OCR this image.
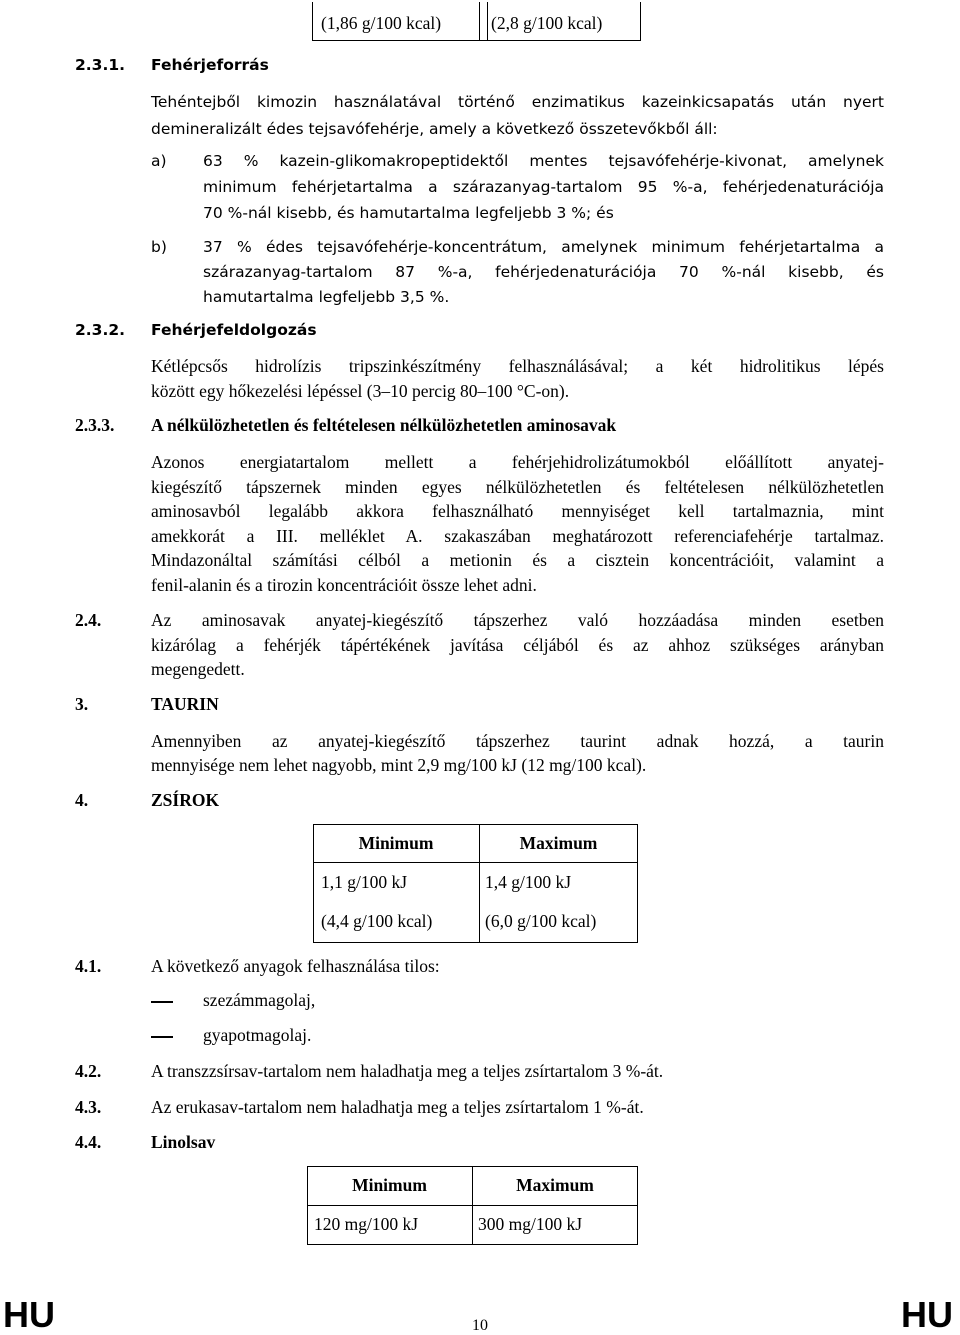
(1,86 g/100 kcal)	(2,8 g/100 kcal)
2.3.1. Fehérjeforrás
Tehéntejből kimozin használatával történő enzimatikus kazeinkicsapatás után nyert
demineralizált édes tejsavófehérje, amely a következő összetevőkből áll:
a) 63 % kazein-glikomakropeptidektől mentes tejsavófehérje-kivonat, amelynek
minimum fehérjetartalma a szárazanyag-tartalom 95 %-a, fehérjedenaturációja
70 %-nál kisebb, és hamutartalma legfeljebb 3 %; és
b) 37 % édes tejsavófehérje-koncentrátum, amelynek minimum fehérjetartalma a
szárazanyag-tartalom 87 %-a, fehérjedenaturációja 70 %-nál kisebb, és
hamutartalma legfeljebb 3,5 %.
2.3.2. Fehérjefeldolgozás
Kétlépcsős hidrolízis tripszinkészítmény felhasználásával; a két hidrolitikus lépés
között egy hőkezelési lépéssel (3–10 percig 80–100 °C-on).
2.3.3. A nélkülözhetetlen és feltételesen nélkülözhetetlen aminosavak
Azonos energiatartalom mellett a fehérjehidrolizátumokból előállított anyatej-
kiegészítő tápszernek minden egyes nélkülözhetetlen és feltételesen nélkülözhetetlen
aminosavból legalább akkora felhasználható mennyiséget kell tartalmaznia, mint
amekkorát a III. melléklet A. szakaszában meghatározott referenciafehérje tartalmaz.
Mindazonáltal számítási célból a metionin és a cisztein koncentrációit, valamint a
fenil-alanin és a tirozin koncentrációit össze lehet adni.
2.4.	Az aminosavak anyatej-kiegészítő tápszerhez való hozzáadása minden esetben
kizárólag a fehérjék tápértékének javítása céljából és az ahhoz szükséges arányban
megengedett.
3.	TAURIN
Amennyiben az anyatej-kiegészítő tápszerhez taurint adnak hozzá, a taurin
mennyisége nem lehet nagyobb, mint 2,9 mg/100 kJ (12 mg/100 kcal).
4.	ZSÍROK
Minimum	Maximum
1,1 g/100 kJ	1,4 g/100 kJ
(4,4 g/100 kcal)	(6,0 g/100 kcal)
4.1.	A következő anyagok felhasználása tilos:
szezámmagolaj,
gyapotmagolaj.
4.2.	A transzzsírsav-tartalom nem haladhatja meg a teljes zsírtartalom 3 %-át.
4.3.	Az erukasav-tartalom nem haladhatja meg a teljes zsírtartalom 1 %-át.
4.4.	Linolsav
Minimum	Maximum
120 mg/100 kJ	300 mg/100 kJ
HU	10	HU
